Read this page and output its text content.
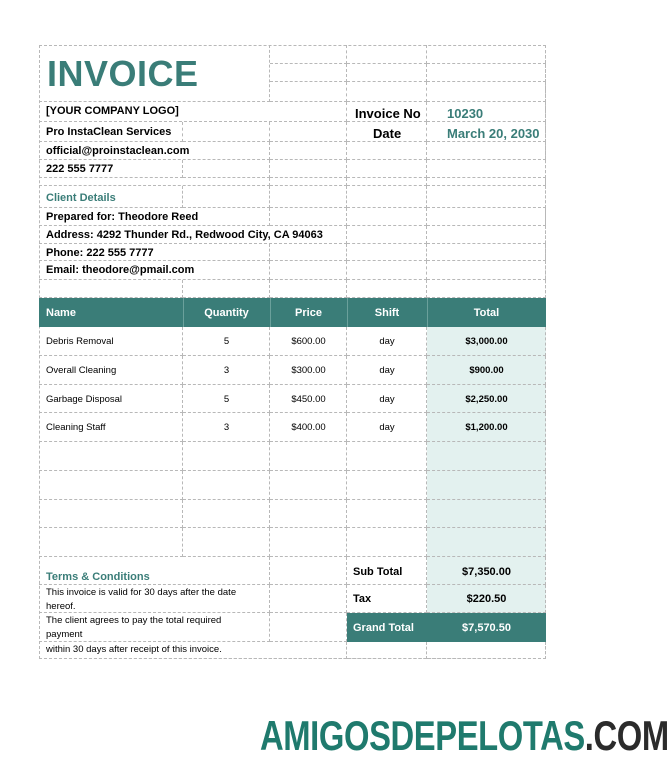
INVOICE
[YOUR COMPANY LOGO]
Pro InstaClean Services
official@proinstaclean.com
222 555 7777
Invoice No 10230
Date	March 20, 2030
Client Details
Prepared for: Theodore Reed
Address: 4292 Thunder Rd., Redwood City, CA 94063
Phone: 222 555 7777
Email: theodore@pmail.com
Name	Quantity	Price	Shift	Total
Debris Removal	5	$600.00	day	$3,000.00
Overall Cleaning	3	$300.00	day	$900.00
Garbage Disposal	5	$450.00	day	$2,250.00
Cleaning Staff	3	$400.00	day	$1,200.00
Terms & Conditions
This invoice is valid for 30 days after the date
hereof.
The client agrees to pay the total required
payment
within 30 days after receipt of this invoice.
Sub Total	$7,350.00
Tax	$220.50
Grand Total	$7,570.50
AMIGOSDEPELOTAS.COM
